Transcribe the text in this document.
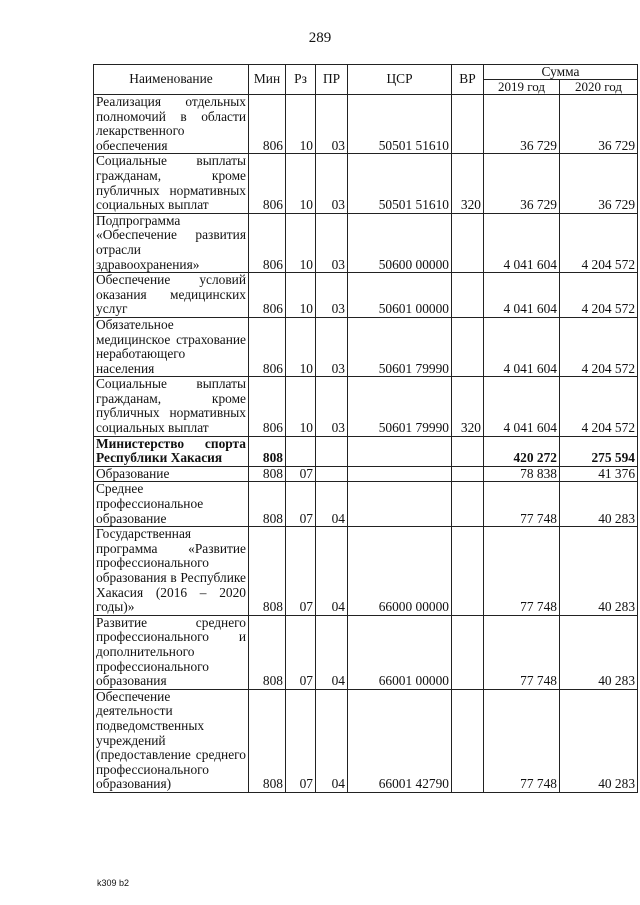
289
Наименование	Мин	Рз	ПР	ЦСР	ВР	Сумма	
						2019 год	2020 год
Реализация отдельных полномочий в области лекарственного обеспечения	806	10	03	50501 51610		36 729	36 729
Социальные выплаты гражданам, кроме публичных нормативных социальных выплат	806	10	03	50501 51610	320	36 729	36 729
Подпрограмма «Обеспечение развития отрасли здравоохранения»	806	10	03	50600 00000		4 041 604	4 204 572
Обеспечение условий оказания медицинских услуг	806	10	03	50601 00000		4 041 604	4 204 572
Обязательное медицинское страхование неработающего населения	806	10	03	50601 79990		4 041 604	4 204 572
Социальные выплаты гражданам, кроме публичных нормативных социальных выплат	806	10	03	50601 79990	320	4 041 604	4 204 572
Министерство спорта Республики Хакасия	808					420 272	275 594
Образование	808	07				78 838	41 376
Среднее профессиональное образование	808	07	04			77 748	40 283
Государственная программа «Развитие профессионального образования в Республике Хакасия (2016 – 2020 годы)»	808	07	04	66000 00000		77 748	40 283
Развитие среднего профессионального и дополнительного профессионального образования	808	07	04	66001 00000		77 748	40 283
Обеспечение деятельности подведомственных учреждений (предоставление среднего профессионального образования)	808	07	04	66001 42790		77 748	40 283
k309 b2
